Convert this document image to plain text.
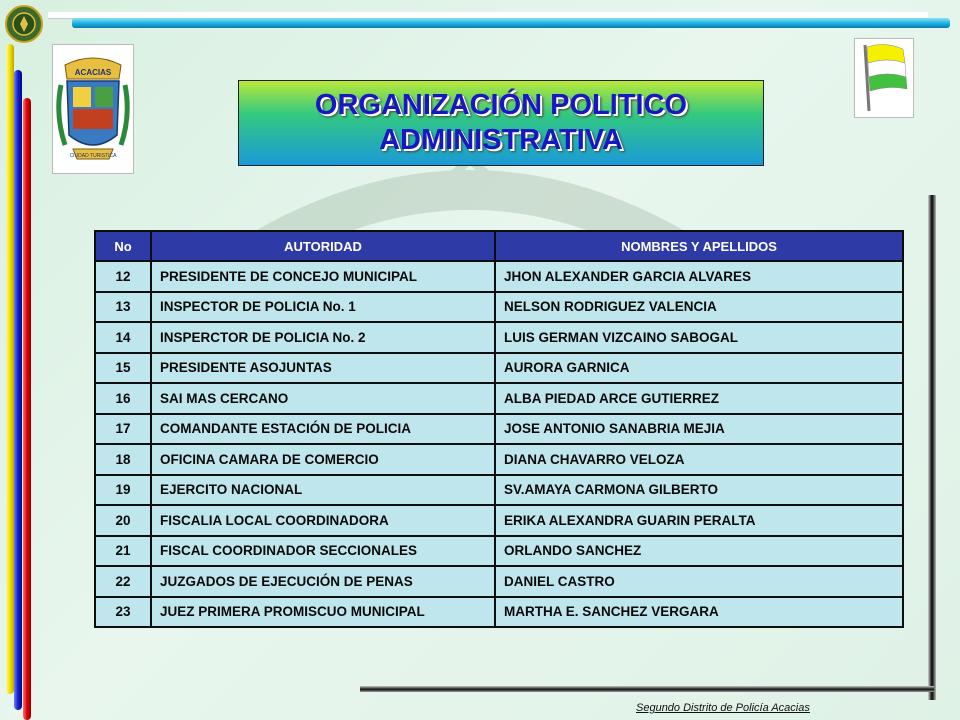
ACACIAS
CIUDAD TURISTICA
ORGANIZACIÓN POLITICO ADMINISTRATIVA
No	AUTORIDAD	NOMBRES Y APELLIDOS
12	PRESIDENTE DE CONCEJO MUNICIPAL	JHON ALEXANDER GARCIA ALVARES
13	INSPECTOR DE POLICIA No. 1	NELSON RODRIGUEZ VALENCIA
14	INSPERCTOR DE POLICIA No. 2	LUIS GERMAN VIZCAINO SABOGAL
15	PRESIDENTE ASOJUNTAS	AURORA GARNICA
16	SAI MAS CERCANO	ALBA PIEDAD ARCE GUTIERREZ
17	COMANDANTE ESTACIÓN DE POLICIA	JOSE ANTONIO SANABRIA MEJIA
18	OFICINA CAMARA DE COMERCIO	DIANA CHAVARRO VELOZA
19	EJERCITO NACIONAL	SV.AMAYA CARMONA GILBERTO
20	FISCALIA LOCAL COORDINADORA	ERIKA ALEXANDRA GUARIN PERALTA
21	FISCAL COORDINADOR SECCIONALES	ORLANDO SANCHEZ
22	JUZGADOS DE EJECUCIÓN DE PENAS	DANIEL CASTRO
23	JUEZ PRIMERA PROMISCUO MUNICIPAL	MARTHA E. SANCHEZ VERGARA
Segundo Distrito de Policía Acacias
